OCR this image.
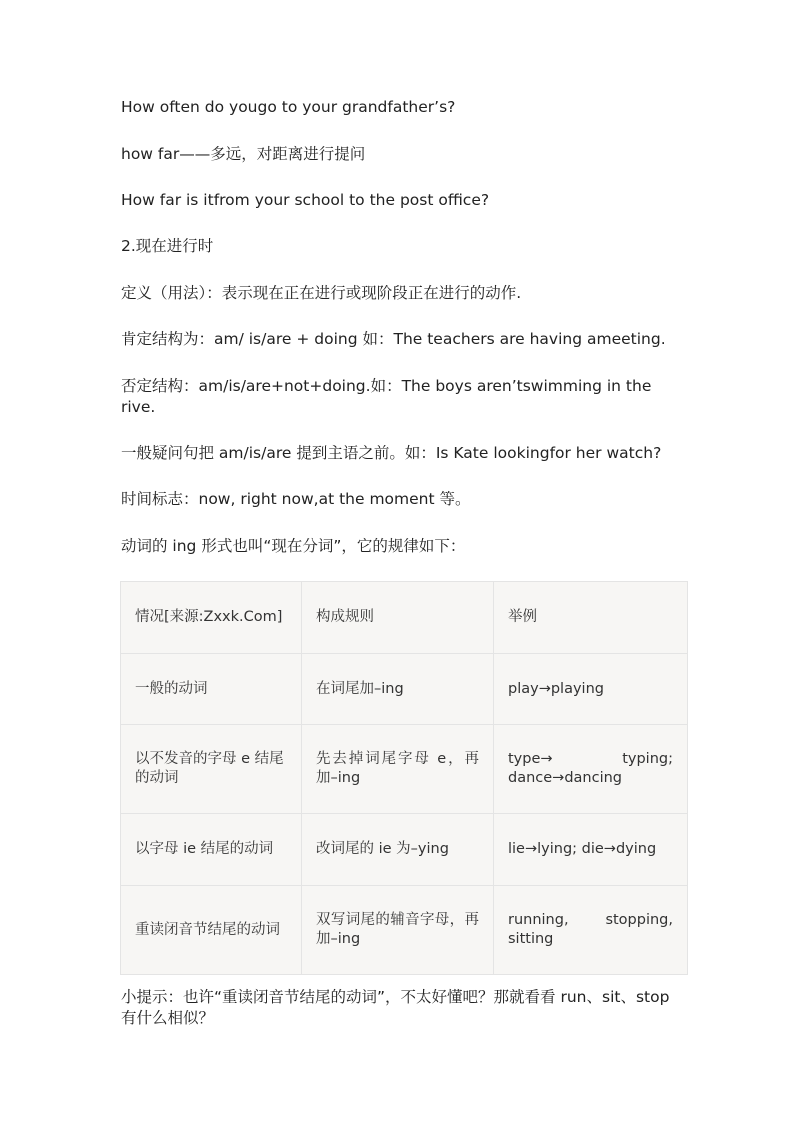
How often do yougo to your grandfather’s?
how far——多远，对距离进行提问
How far is itfrom your school to the post office?
2.现在进行时
定义（用法）：表示现在正在进行或现阶段正在进行的动作.
肯定结构为：am/ is/are + doing 如：The teachers are having ameeting.
否定结构：am/is/are+not+doing.如：The boys aren’tswimming in the rive.
一般疑问句把 am/is/are 提到主语之前。如：Is Kate lookingfor her watch?
时间标志：now, right now,at the moment 等。
动词的 ing 形式也叫“现在分词”，它的规律如下：
情况[来源:Zxxk.Com]	构成规则	举例
一般的动词	在词尾加–ing	play→playing
以不发音的字母 e 结尾的动词	先去掉词尾字母 e，再加–ing	type→ typing; dance→dancing
以字母 ie 结尾的动词	改词尾的 ie 为–ying	lie→lying; die→dying
重读闭音节结尾的动词	双写词尾的辅音字母，再加–ing	running, stopping, sitting
小提示：也许“重读闭音节结尾的动词”，不太好懂吧？那就看看 run、sit、stop 有什么相似？
